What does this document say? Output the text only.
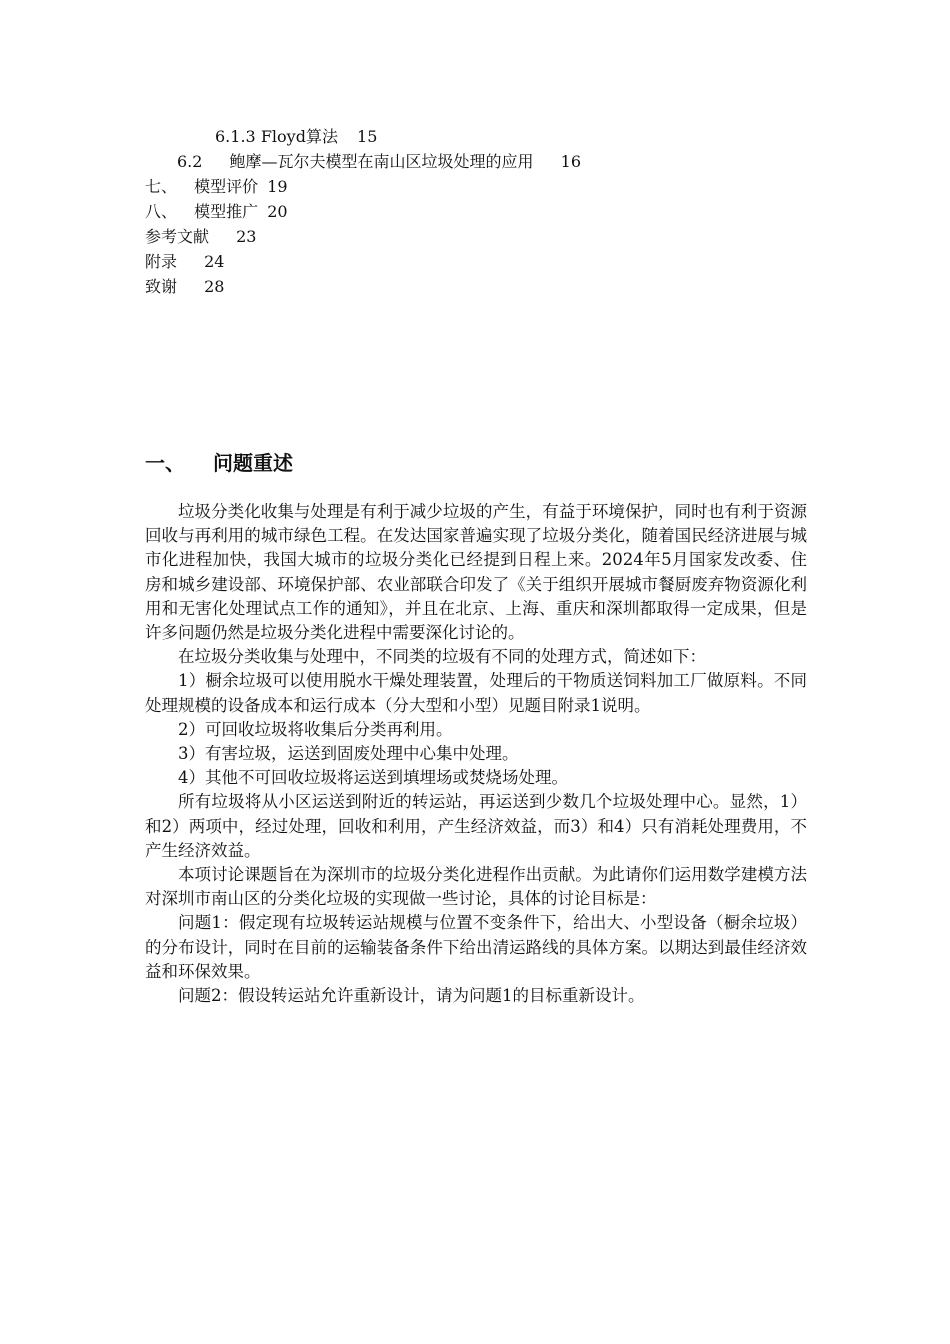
6.1.3 Floyd算法 15
6.2 鲍摩—瓦尔夫模型在南山区垃圾处理的应用 16
七、 模型评价 19
八、 模型推广 20
参考文献 23
附录 24
致谢 28
一、 问题重述

垃圾分类化收集与处理是有利于减少垃圾的产生，有益于环境保护，同时也有利于资源回收与再利用的城市绿色工程。在发达国家普遍实现了垃圾分类化，随着国民经济进展与城市化进程加快，我国大城市的垃圾分类化已经提到日程上来。2024年5月国家发改委、住房和城乡建设部、环境保护部、农业部联合印发了《关于组织开展城市餐厨废弃物资源化利用和无害化处理试点工作的通知》，并且在北京、上海、重庆和深圳都取得一定成果，但是许多问题仍然是垃圾分类化进程中需要深化讨论的。

在垃圾分类收集与处理中，不同类的垃圾有不同的处理方式，简述如下：

1）橱余垃圾可以使用脱水干燥处理装置，处理后的干物质送饲料加工厂做原料。不同处理规模的设备成本和运行成本（分大型和小型）见题目附录1说明。

2）可回收垃圾将收集后分类再利用。

3）有害垃圾，运送到固废处理中心集中处理。

4）其他不可回收垃圾将运送到填埋场或焚烧场处理。

所有垃圾将从小区运送到附近的转运站，再运送到少数几个垃圾处理中心。显然，1）和2）两项中，经过处理，回收和利用，产生经济效益，而3）和4）只有消耗处理费用，不产生经济效益。

本项讨论课题旨在为深圳市的垃圾分类化进程作出贡献。为此请你们运用数学建模方法对深圳市南山区的分类化垃圾的实现做一些讨论，具体的讨论目标是：

问题1：假定现有垃圾转运站规模与位置不变条件下，给出大、小型设备（橱余垃圾）的分布设计，同时在目前的运输装备条件下给出清运路线的具体方案。以期达到最佳经济效益和环保效果。

问题2：假设转运站允许重新设计，请为问题1的目标重新设计。
